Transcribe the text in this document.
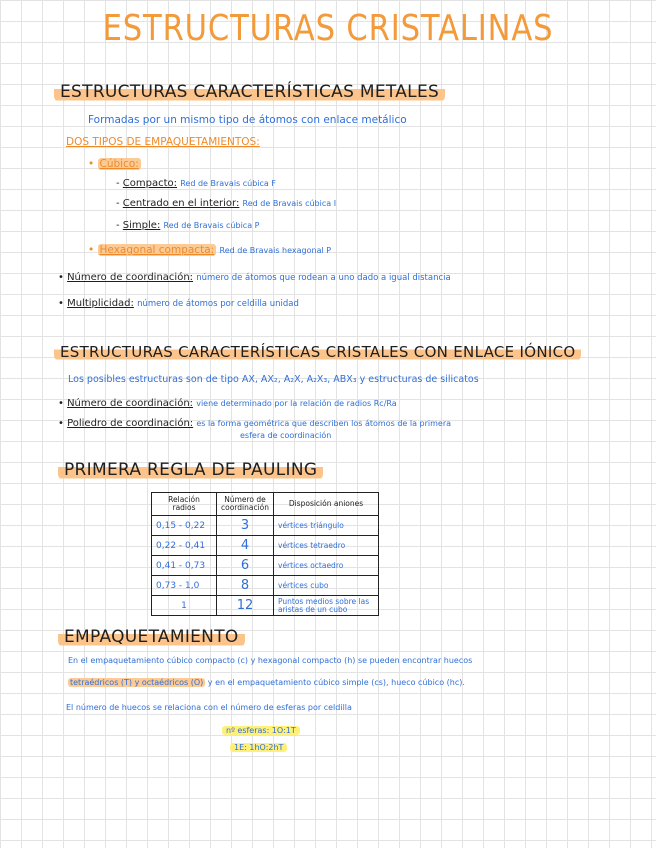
ESTRUCTURAS CRISTALINAS
ESTRUCTURAS CARACTERÍSTICAS METALES
Formadas por un mismo tipo de átomos con enlace metálico
DOS TIPOS DE EMPAQUETAMIENTOS:
• Cúbico:
- Compacto: Red de Bravais cúbica F
- Centrado en el interior: Red de Bravais cúbica I
- Simple: Red de Bravais cúbica P
• Hexagonal compacta: Red de Bravais hexagonal P
• Número de coordinación: número de átomos que rodean a uno dado a igual distancia
• Multiplicidad: número de átomos por celdilla unidad
ESTRUCTURAS CARACTERÍSTICAS CRISTALES CON ENLACE IÓNICO
Los posibles estructuras son de tipo AX, AX₂, A₂X, A₂X₃, ABX₃ y estructuras de silicatos
• Número de coordinación: viene determinado por la relación de radios Rc/Ra
• Poliedro de coordinación: es la forma geométrica que describen los átomos de la primera
esfera de coordinación
PRIMERA REGLA DE PAULING
Relación radios	Número de coordinación	Disposición aniones
0,15 - 0,22	3	vértices triángulo
0,22 - 0,41	4	vértices tetraedro
0,41 - 0,73	6	vértices octaedro
0,73 - 1,0	8	vértices cubo
1	12	Puntos medios sobre las aristas de un cubo
EMPAQUETAMIENTO
En el empaquetamiento cúbico compacto (c) y hexagonal compacto (h) se pueden encontrar huecos
tetraédricos (T) y octaédricos (O) y en el empaquetamiento cúbico simple (cs), hueco cúbico (hc).
El número de huecos se relaciona con el número de esferas por celdilla
nº esferas: 1O:1T
1E: 1hO:2hT
